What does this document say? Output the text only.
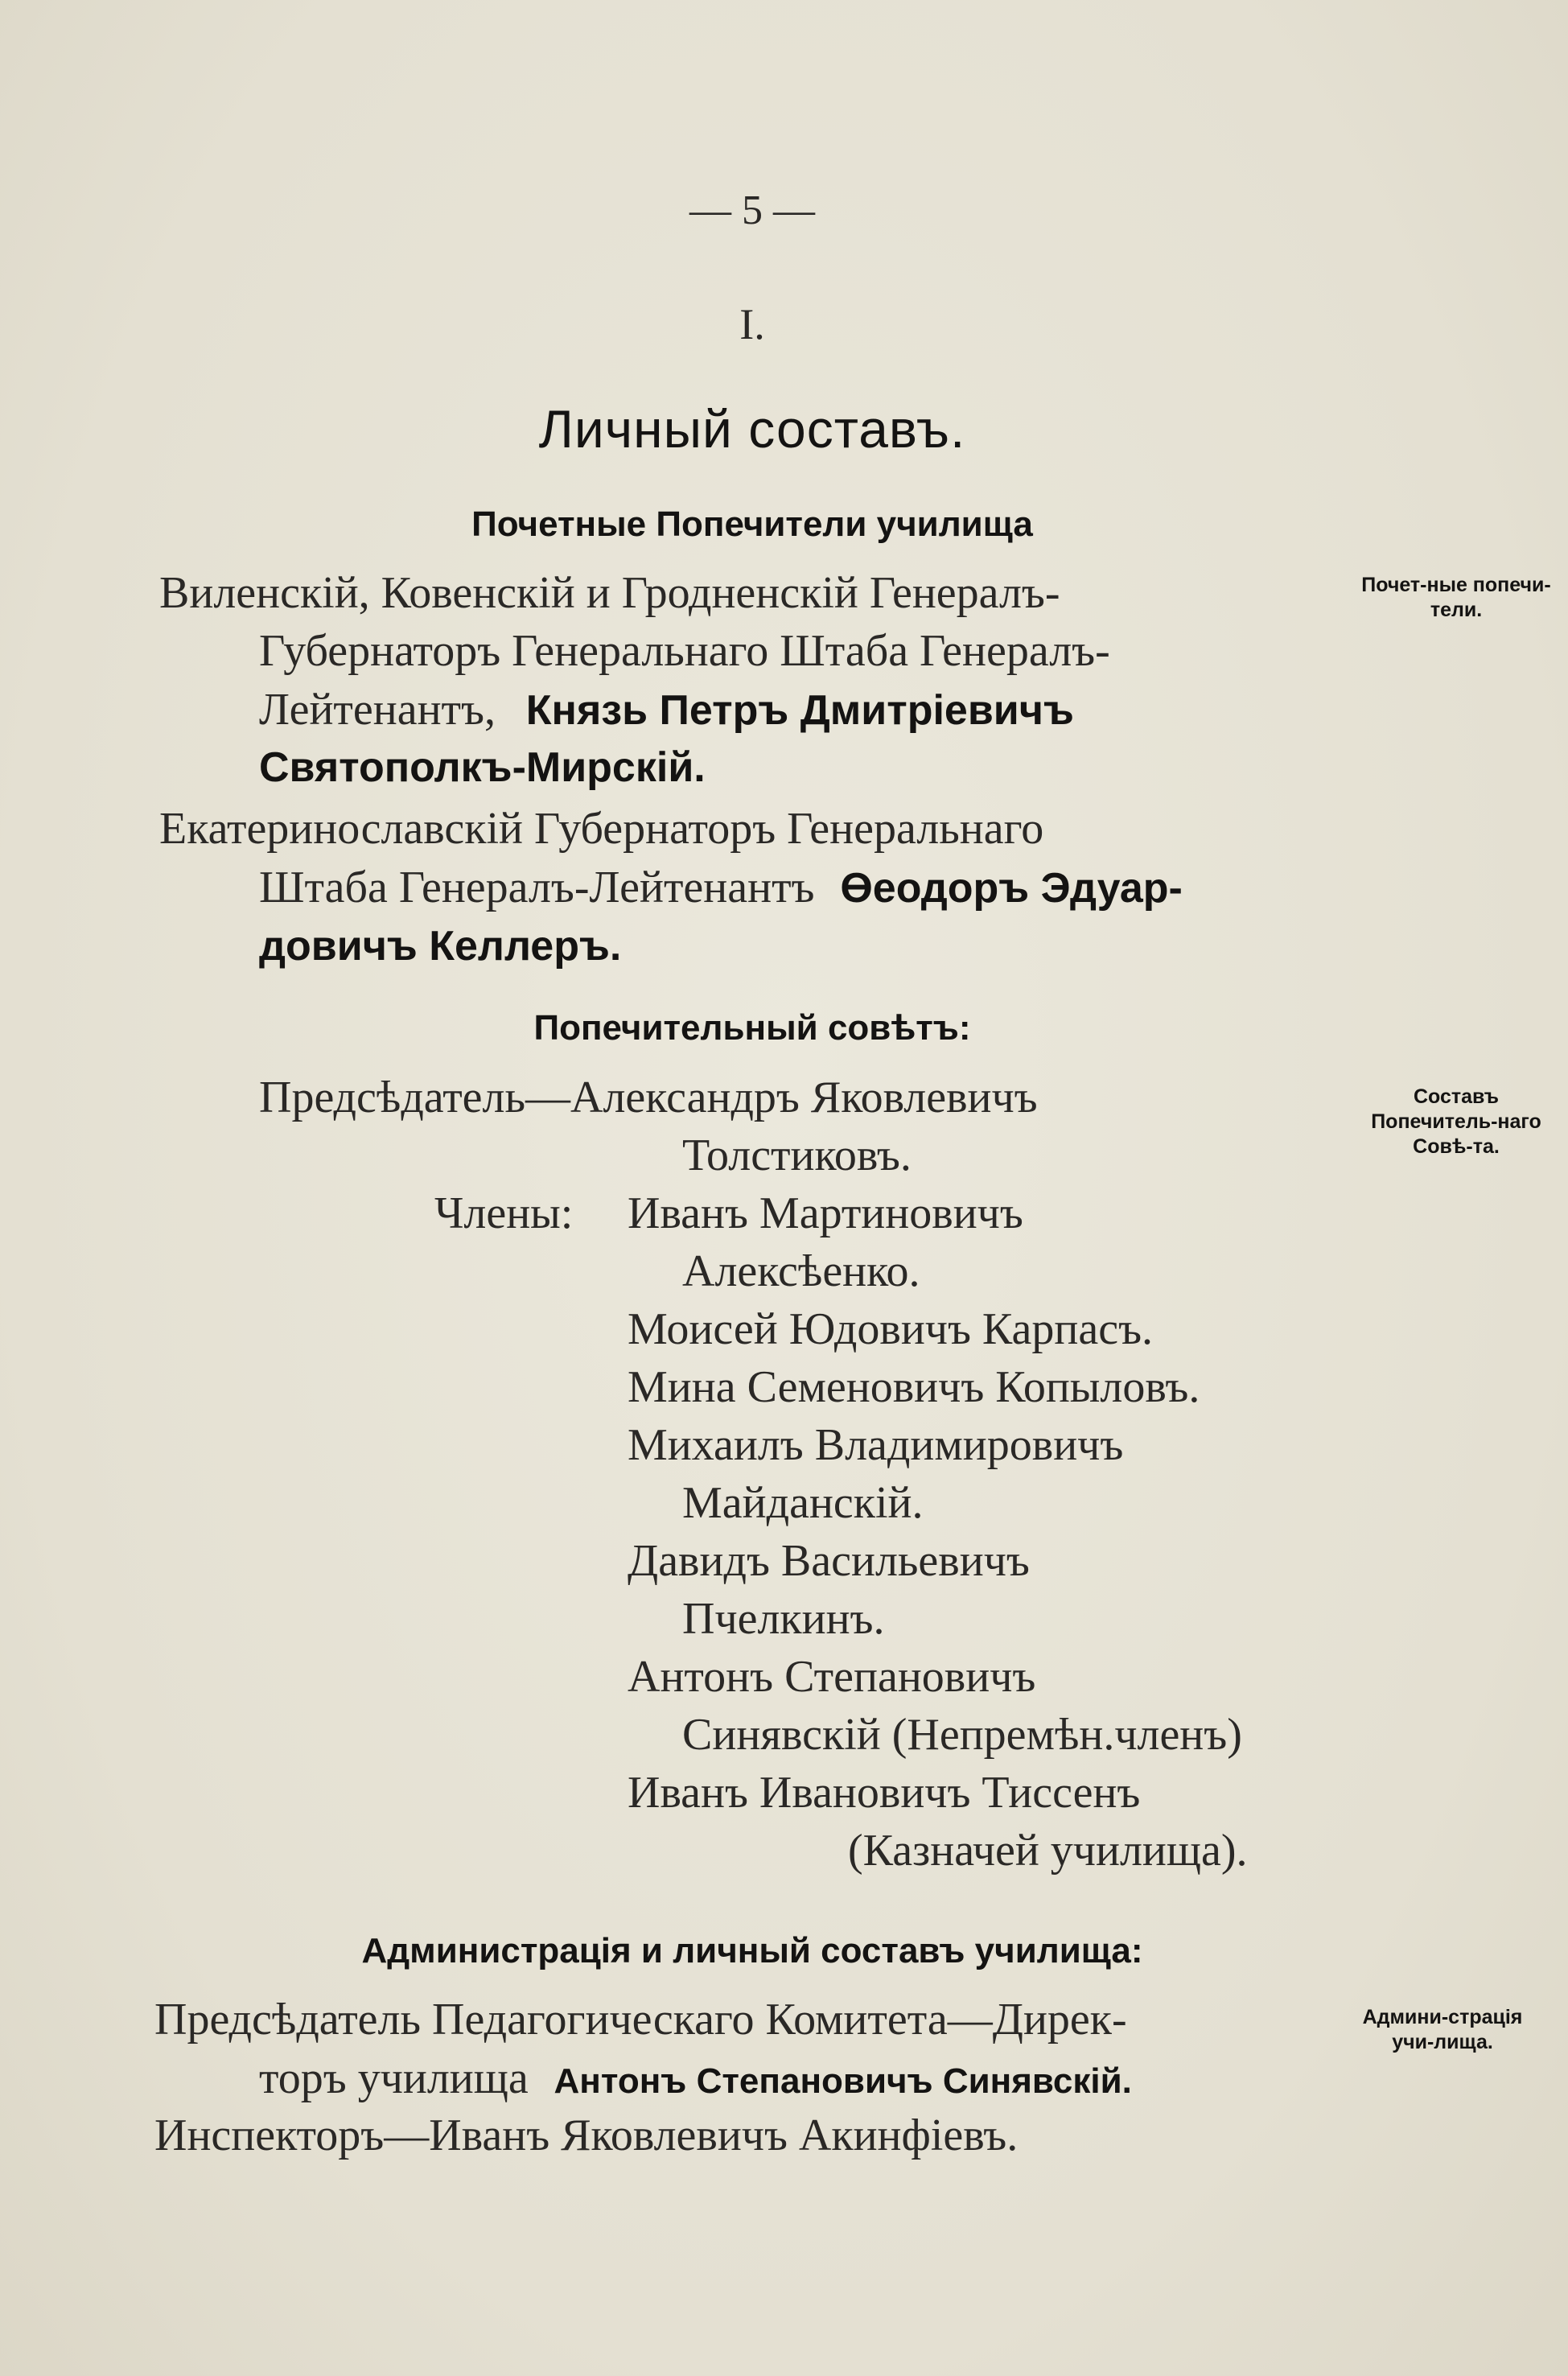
— 5 —
I.
Личный составъ.
Почетные Попечители училища
Виленскій, Ковенскій и Гродненскій Генералъ-
Губернаторъ Генеральнаго Штаба Генералъ-
Лейтенантъ, Князь Петръ Дмитріевичъ
Святополкъ-Мирскій.
Екатеринославскій Губернаторъ Генеральнаго
Штаба Генералъ-Лейтенантъ Өеодоръ Эдуар-
довичъ Келлеръ.
Попечительный совѣтъ:
Предсѣдатель—Александръ Яковлевичъ
Толстиковъ.
Члены: Иванъ Мартиновичъ
Алексѣенко.
Моисей Юдовичъ Карпасъ.
Мина Семеновичъ Копыловъ.
Михаилъ Владимировичъ
Майданскій.
Давидъ Васильевичъ
Пчелкинъ.
Антонъ Степановичъ
Синявскій (Непремѣн.членъ)
Иванъ Ивановичъ Тиссенъ
(Казначей училища).
Администрація и личный составъ училища:
Предсѣдатель Педагогическаго Комитета—Дирек-
торъ училища Антонъ Степановичъ Синявскій.
Инспекторъ—Иванъ Яковлевичъ Акинфіевъ.
Почет-ные попечи-тели.
Составъ Попечитель-наго Совѣ-та.
Админи-страція учи-лища.
